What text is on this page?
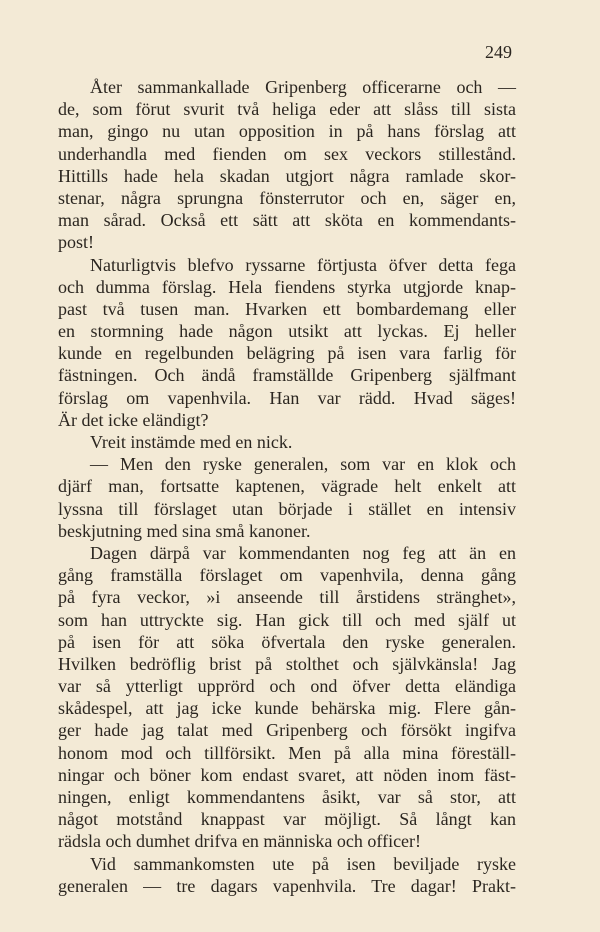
249
Åter sammankallade Gripenberg officerarne och —
de, som förut svurit två heliga eder att slåss till sista
man, gingo nu utan opposition in på hans förslag att
underhandla med fienden om sex veckors stillestånd.
Hittills hade hela skadan utgjort några ramlade skor-
stenar, några sprungna fönsterrutor och en, säger en,
man sårad. Också ett sätt att sköta en kommendants-
post!
Naturligtvis blefvo ryssarne förtjusta öfver detta fega
och dumma förslag. Hela fiendens styrka utgjorde knap-
past två tusen man. Hvarken ett bombardemang eller
en stormning hade någon utsikt att lyckas. Ej heller
kunde en regelbunden belägring på isen vara farlig för
fästningen. Och ändå framställde Gripenberg själfmant
förslag om vapenhvila. Han var rädd. Hvad säges!
Är det icke eländigt?
Vreit instämde med en nick.
— Men den ryske generalen, som var en klok och
djärf man, fortsatte kaptenen, vägrade helt enkelt att
lyssna till förslaget utan började i stället en intensiv
beskjutning med sina små kanoner.
Dagen därpå var kommendanten nog feg att än en
gång framställa förslaget om vapenhvila, denna gång
på fyra veckor, »i anseende till årstidens stränghet»,
som han uttryckte sig. Han gick till och med själf ut
på isen för att söka öfvertala den ryske generalen.
Hvilken bedröflig brist på stolthet och självkänsla! Jag
var så ytterligt upprörd och ond öfver detta eländiga
skådespel, att jag icke kunde behärska mig. Flere gån-
ger hade jag talat med Gripenberg och försökt ingifva
honom mod och tillförsikt. Men på alla mina föreställ-
ningar och böner kom endast svaret, att nöden inom fäst-
ningen, enligt kommendantens åsikt, var så stor, att
något motstånd knappast var möjligt. Så långt kan
rädsla och dumhet drifva en människa och officer!
Vid sammankomsten ute på isen beviljade ryske
generalen — tre dagars vapenhvila. Tre dagar! Prakt-
